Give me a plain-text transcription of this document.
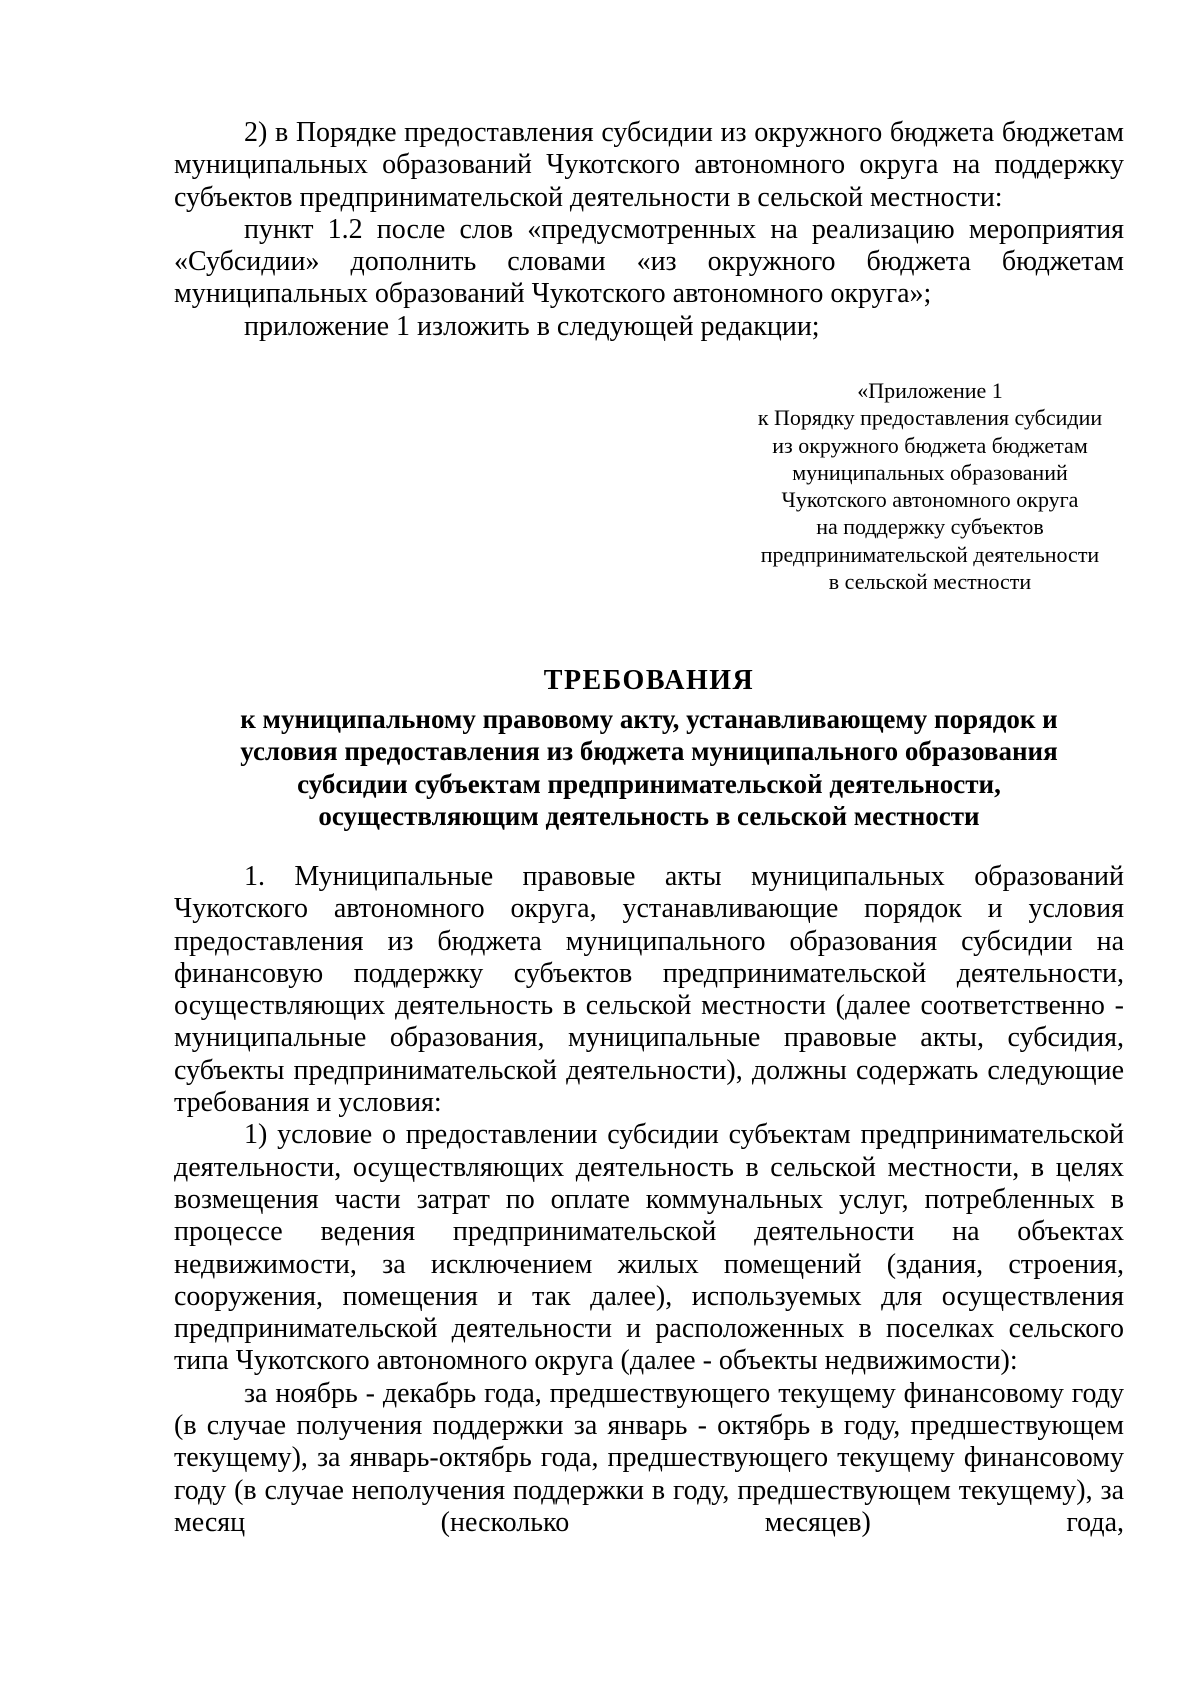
2) в Порядке предоставления субсидии из окружного бюджета бюджетам муниципальных образований Чукотского автономного округа на поддержку субъектов предпринимательской деятельности в сельской местности:

пункт 1.2 после слов «предусмотренных на реализацию мероприятия «Субсидии» дополнить словами «из окружного бюджета бюджетам муниципальных образований Чукотского автономного округа»;

приложение 1 изложить в следующей редакции;

«Приложение 1
к Порядку предоставления субсидии
из окружного бюджета бюджетам
муниципальных образований
Чукотского автономного округа
на поддержку субъектов
предпринимательской деятельности
в сельской местности
ТРЕБОВАНИЯ
к муниципальному правовому акту, устанавливающему порядок и
условия предоставления из бюджета муниципального образования
субсидии субъектам предпринимательской деятельности,
осуществляющим деятельность в сельской местности

1. Муниципальные правовые акты муниципальных образований Чукотского автономного округа, устанавливающие порядок и условия предоставления из бюджета муниципального образования субсидии на финансовую поддержку субъектов предпринимательской деятельности, осуществляющих деятельность в сельской местности (далее соответственно - муниципальные образования, муниципальные правовые акты, субсидия, субъекты предпринимательской деятельности), должны содержать следующие требования и условия:

1) условие о предоставлении субсидии субъектам предпринимательской деятельности, осуществляющих деятельность в сельской местности, в целях возмещения части затрат по оплате коммунальных услуг, потребленных в процессе ведения предпринимательской деятельности на объектах недвижимости, за исключением жилых помещений (здания, строения, сооружения, помещения и так далее), используемых для осуществления предпринимательской деятельности и расположенных в поселках сельского типа Чукотского автономного округа (далее - объекты недвижимости):

за ноябрь - декабрь года, предшествующего текущему финансовому году (в случае получения поддержки за январь - октябрь в году, предшествующем текущему), за январь-октябрь года, предшествующего текущему финансовому году (в случае неполучения поддержки в году, предшествующем текущему), за месяц (несколько месяцев) года,
